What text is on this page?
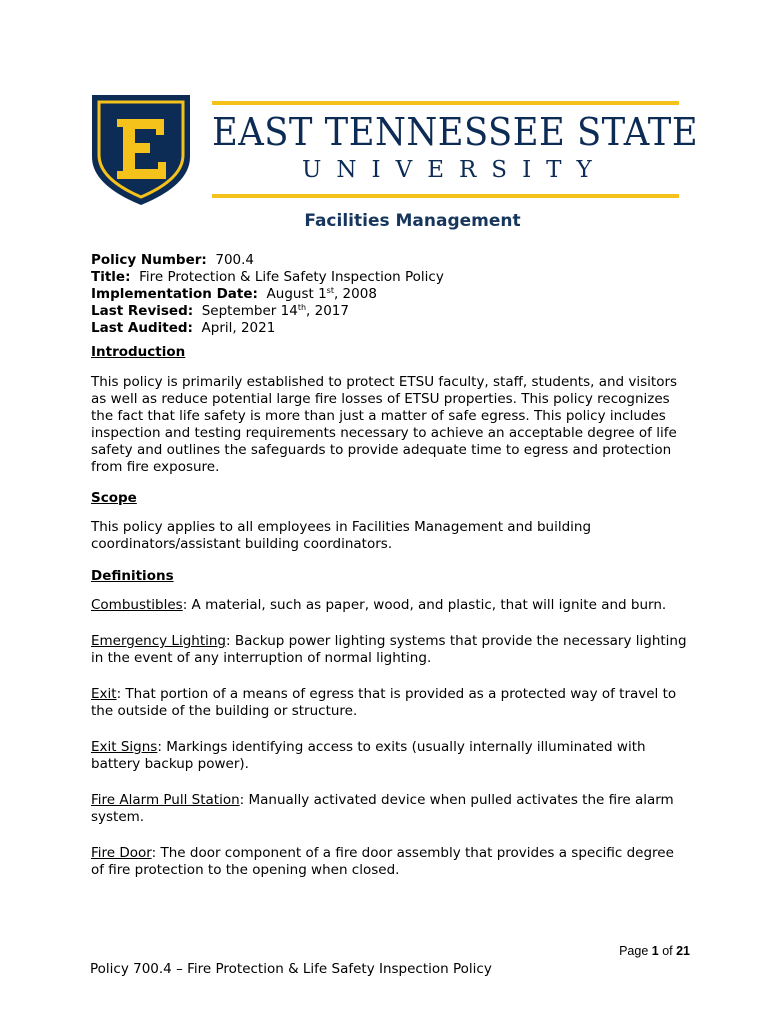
EAST TENNESSEE STATE
UNIVERSITY
Facilities Management

Policy Number: 700.4

Title: Fire Protection & Life Safety Inspection Policy

Implementation Date: August 1st, 2008

Last Revised: September 14th, 2017

Last Audited: April, 2021

Introduction

This policy is primarily established to protect ETSU faculty, staff, students, and visitors as well as reduce potential large fire losses of ETSU properties. This policy recognizes the fact that life safety is more than just a matter of safe egress. This policy includes inspection and testing requirements necessary to achieve an acceptable degree of life safety and outlines the safeguards to provide adequate time to egress and protection from fire exposure.

Scope

This policy applies to all employees in Facilities Management and building coordinators/assistant building coordinators.

Definitions

Combustibles: A material, such as paper, wood, and plastic, that will ignite and burn.

Emergency Lighting: Backup power lighting systems that provide the necessary lighting in the event of any interruption of normal lighting.

Exit: That portion of a means of egress that is provided as a protected way of travel to the outside of the building or structure.

Exit Signs: Markings identifying access to exits (usually internally illuminated with battery backup power).

Fire Alarm Pull Station: Manually activated device when pulled activates the fire alarm system.

Fire Door: The door component of a fire door assembly that provides a specific degree of fire protection to the opening when closed.

Page 1 of 21
Policy 700.4 – Fire Protection & Life Safety Inspection Policy
